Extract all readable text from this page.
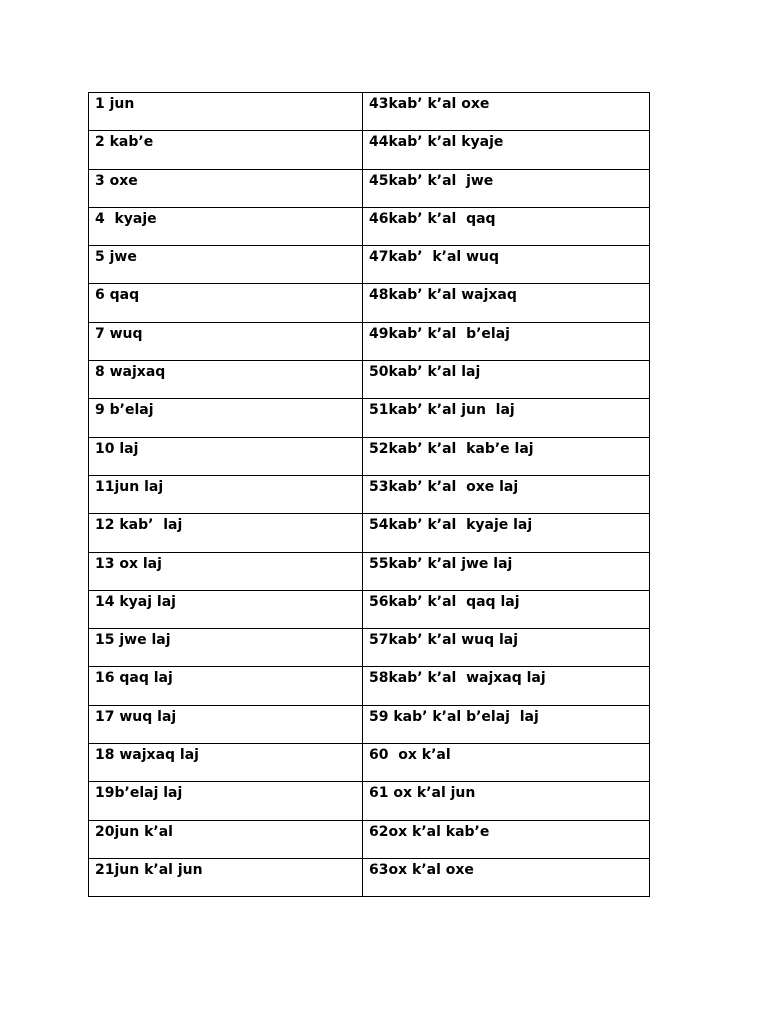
1 jun	43kab’ k’al oxe
2 kab’e	44kab’ k’al kyaje
3 oxe	45kab’ k’al  jwe
4  kyaje	46kab’ k’al  qaq
5 jwe	47kab’  k’al wuq
6 qaq	48kab’ k’al wajxaq
7 wuq	49kab’ k’al  b’elaj
8 wajxaq	50kab’ k’al laj
9 b’elaj	51kab’ k’al jun  laj
10 laj	52kab’ k’al  kab’e laj
11jun laj	53kab’ k’al  oxe laj
12 kab’  laj	54kab’ k’al  kyaje laj
13 ox laj	55kab’ k’al jwe laj
14 kyaj laj	56kab’ k’al  qaq laj
15 jwe laj	57kab’ k’al wuq laj
16 qaq laj	58kab’ k’al  wajxaq laj
17 wuq laj	59 kab’ k’al b’elaj  laj
18 wajxaq laj	60  ox k’al
19b’elaj laj	61 ox k’al jun
20jun k’al	62ox k’al kab’e
21jun k’al jun	63ox k’al oxe
